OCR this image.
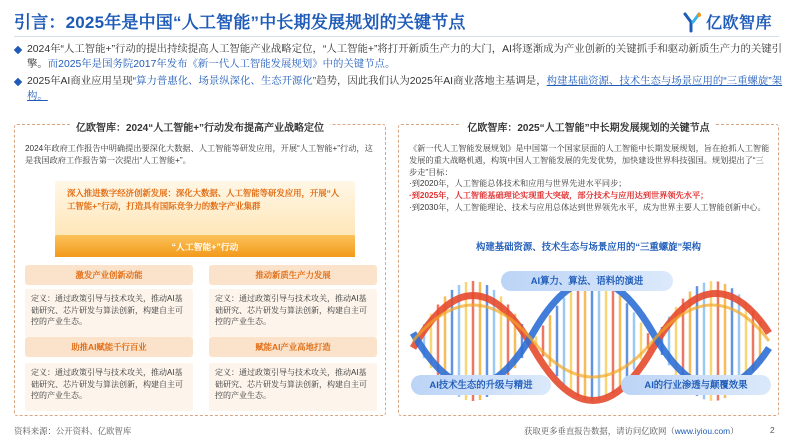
引言：2025年是中国“人工智能”中长期发展规划的关键节点	亿欧智库
2024年“人工智能+”行动的提出持续提高人工智能产业战略定位，“人工智能+”将打开新质生产力的大门，AI将逐渐成为产业创新的关键抓手和驱动新质生产力的关键引擎。而2025年是国务院2017年发布《新一代人工智能发展规划》中的关键节点。
2025年AI商业应用呈现“算力普惠化、场景纵深化、生态开源化”趋势，因此我们认为2025年AI商业落地主基调是，构建基础资源、技术生态与场景应用的“三重螺旋”架构。
亿欧智库：2024“人工智能+”行动发布提高产业战略定位
2024年政府工作报告中明确提出要深化大数据、人工智能等研发应用，开展“人工智能+”行动，这是我国政府工作报告第一次提出“人工智能+”。
深入推进数字经济创新发展：深化大数据、人工智能等研发应用，开展“人工智能+”行动，打造具有国际竞争力的数字产业集群
“人工智能+”行动
激发产业创新动能
定义：通过政策引导与技术攻关，推动AI基础研究、芯片研发与算法创新，构建自主可控的产业生态。
推动新质生产力发展
定义：通过政策引导与技术攻关，推动AI基础研究、芯片研发与算法创新，构建自主可控的产业生态。
助推AI赋能千行百业
定义：通过政策引导与技术攻关，推动AI基础研究、芯片研发与算法创新，构建自主可控的产业生态。
赋能AI产业高地打造
定义：通过政策引导与技术攻关，推动AI基础研究、芯片研发与算法创新，构建自主可控的产业生态。
亿欧智库：2025“人工智能”中长期发展规划的关键节点
《新一代人工智能发展规划》是中国第一个国家层面的人工智能中长期发展规划，旨在抢抓人工智能发展的重大战略机遇，构筑中国人工智能发展的先发优势，加快建设世界科技强国。规划提出了“三步走”目标：
·到2020年，人工智能总体技术和应用与世界先进水平同步；
·到2025年，人工智能基础理论实现重大突破，部分技术与应用达到世界领先水平；
·到2030年，人工智能理论、技术与应用总体达到世界领先水平，成为世界主要人工智能创新中心。
构建基础资源、技术生态与场景应用的“三重螺旋”架构
AI算力、算法、语料的演进
AI技术生态的升级与精进	AI的行业渗透与颠覆效果
资料来源：公开资料、亿欧智库	获取更多垂直报告数据，请访问亿欧网（www.iyiou.com）	2
